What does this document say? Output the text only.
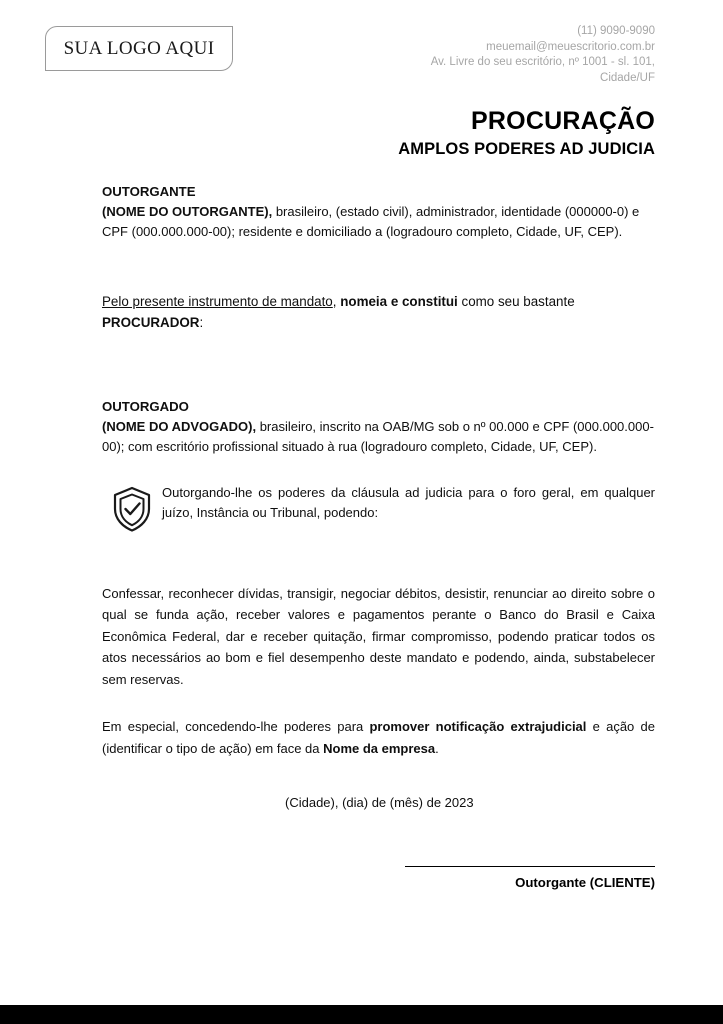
SUA LOGO AQUI
(11) 9090-9090
meuemail@meuescritorio.com.br
Av. Livre do seu escritório, nº 1001 - sl. 101,
Cidade/UF
PROCURAÇÃO
AMPLOS PODERES AD JUDICIA
OUTORGANTE

(NOME DO OUTORGANTE), brasileiro, (estado civil), administrador, identidade (000000-0) e CPF (000.000.000-00); residente e domiciliado a (logradouro completo, Cidade, UF, CEP).

Pelo presente instrumento de mandato, nomeia e constitui como seu bastante PROCURADOR:

OUTORGADO

(NOME DO ADVOGADO), brasileiro, inscrito na OAB/MG sob o nº 00.000 e CPF (000.000.000-00); com escritório profissional situado à rua (logradouro completo, Cidade, UF, CEP).

Outorgando-lhe os poderes da cláusula ad judicia para o foro geral, em qualquer juízo, Instância ou Tribunal, podendo:

Confessar, reconhecer dívidas, transigir, negociar débitos, desistir, renunciar ao direito sobre o qual se funda ação, receber valores e pagamentos perante o Banco do Brasil e Caixa Econômica Federal, dar e receber quitação, firmar compromisso, podendo praticar todos os atos necessários ao bom e fiel desempenho deste mandato e podendo, ainda, substabelecer sem reservas.

Em especial, concedendo-lhe poderes para promover notificação extrajudicial e ação de (identificar o tipo de ação) em face da Nome da empresa.

(Cidade), (dia) de (mês) de 2023
Outorgante (CLIENTE)
